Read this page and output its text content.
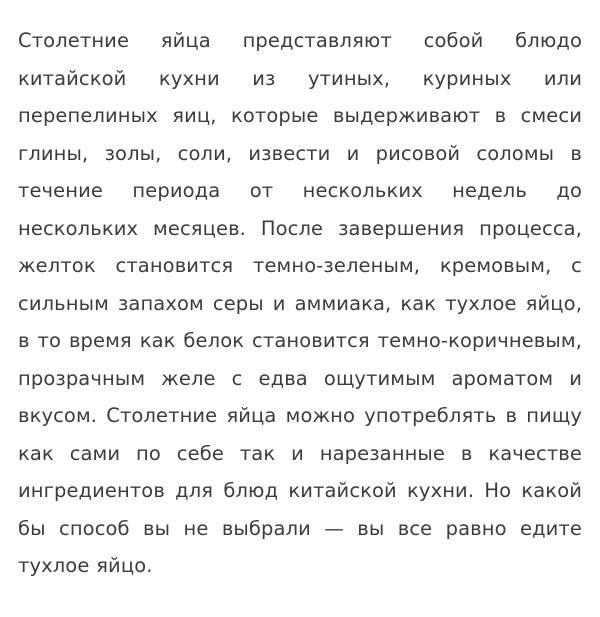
Столетние яйца представляют собой блюдо китайской кухни из утиных, куриных или перепелиных яиц, которые выдерживают в смеси глины, золы, соли, извести и рисовой соломы в течение периода от нескольких недель до нескольких месяцев. После завершения процесса, желток становится темно-зеленым, кремовым, с сильным запахом серы и аммиака, как тухлое яйцо, в то время как белок становится темно-коричневым, прозрачным желе с едва ощутимым ароматом и вкусом. Столетние яйца можно употреблять в пищу как сами по себе так и нарезанные в качестве ингредиентов для блюд китайской кухни. Но какой бы способ вы не выбрали — вы все равно едите тухлое яйцо.
